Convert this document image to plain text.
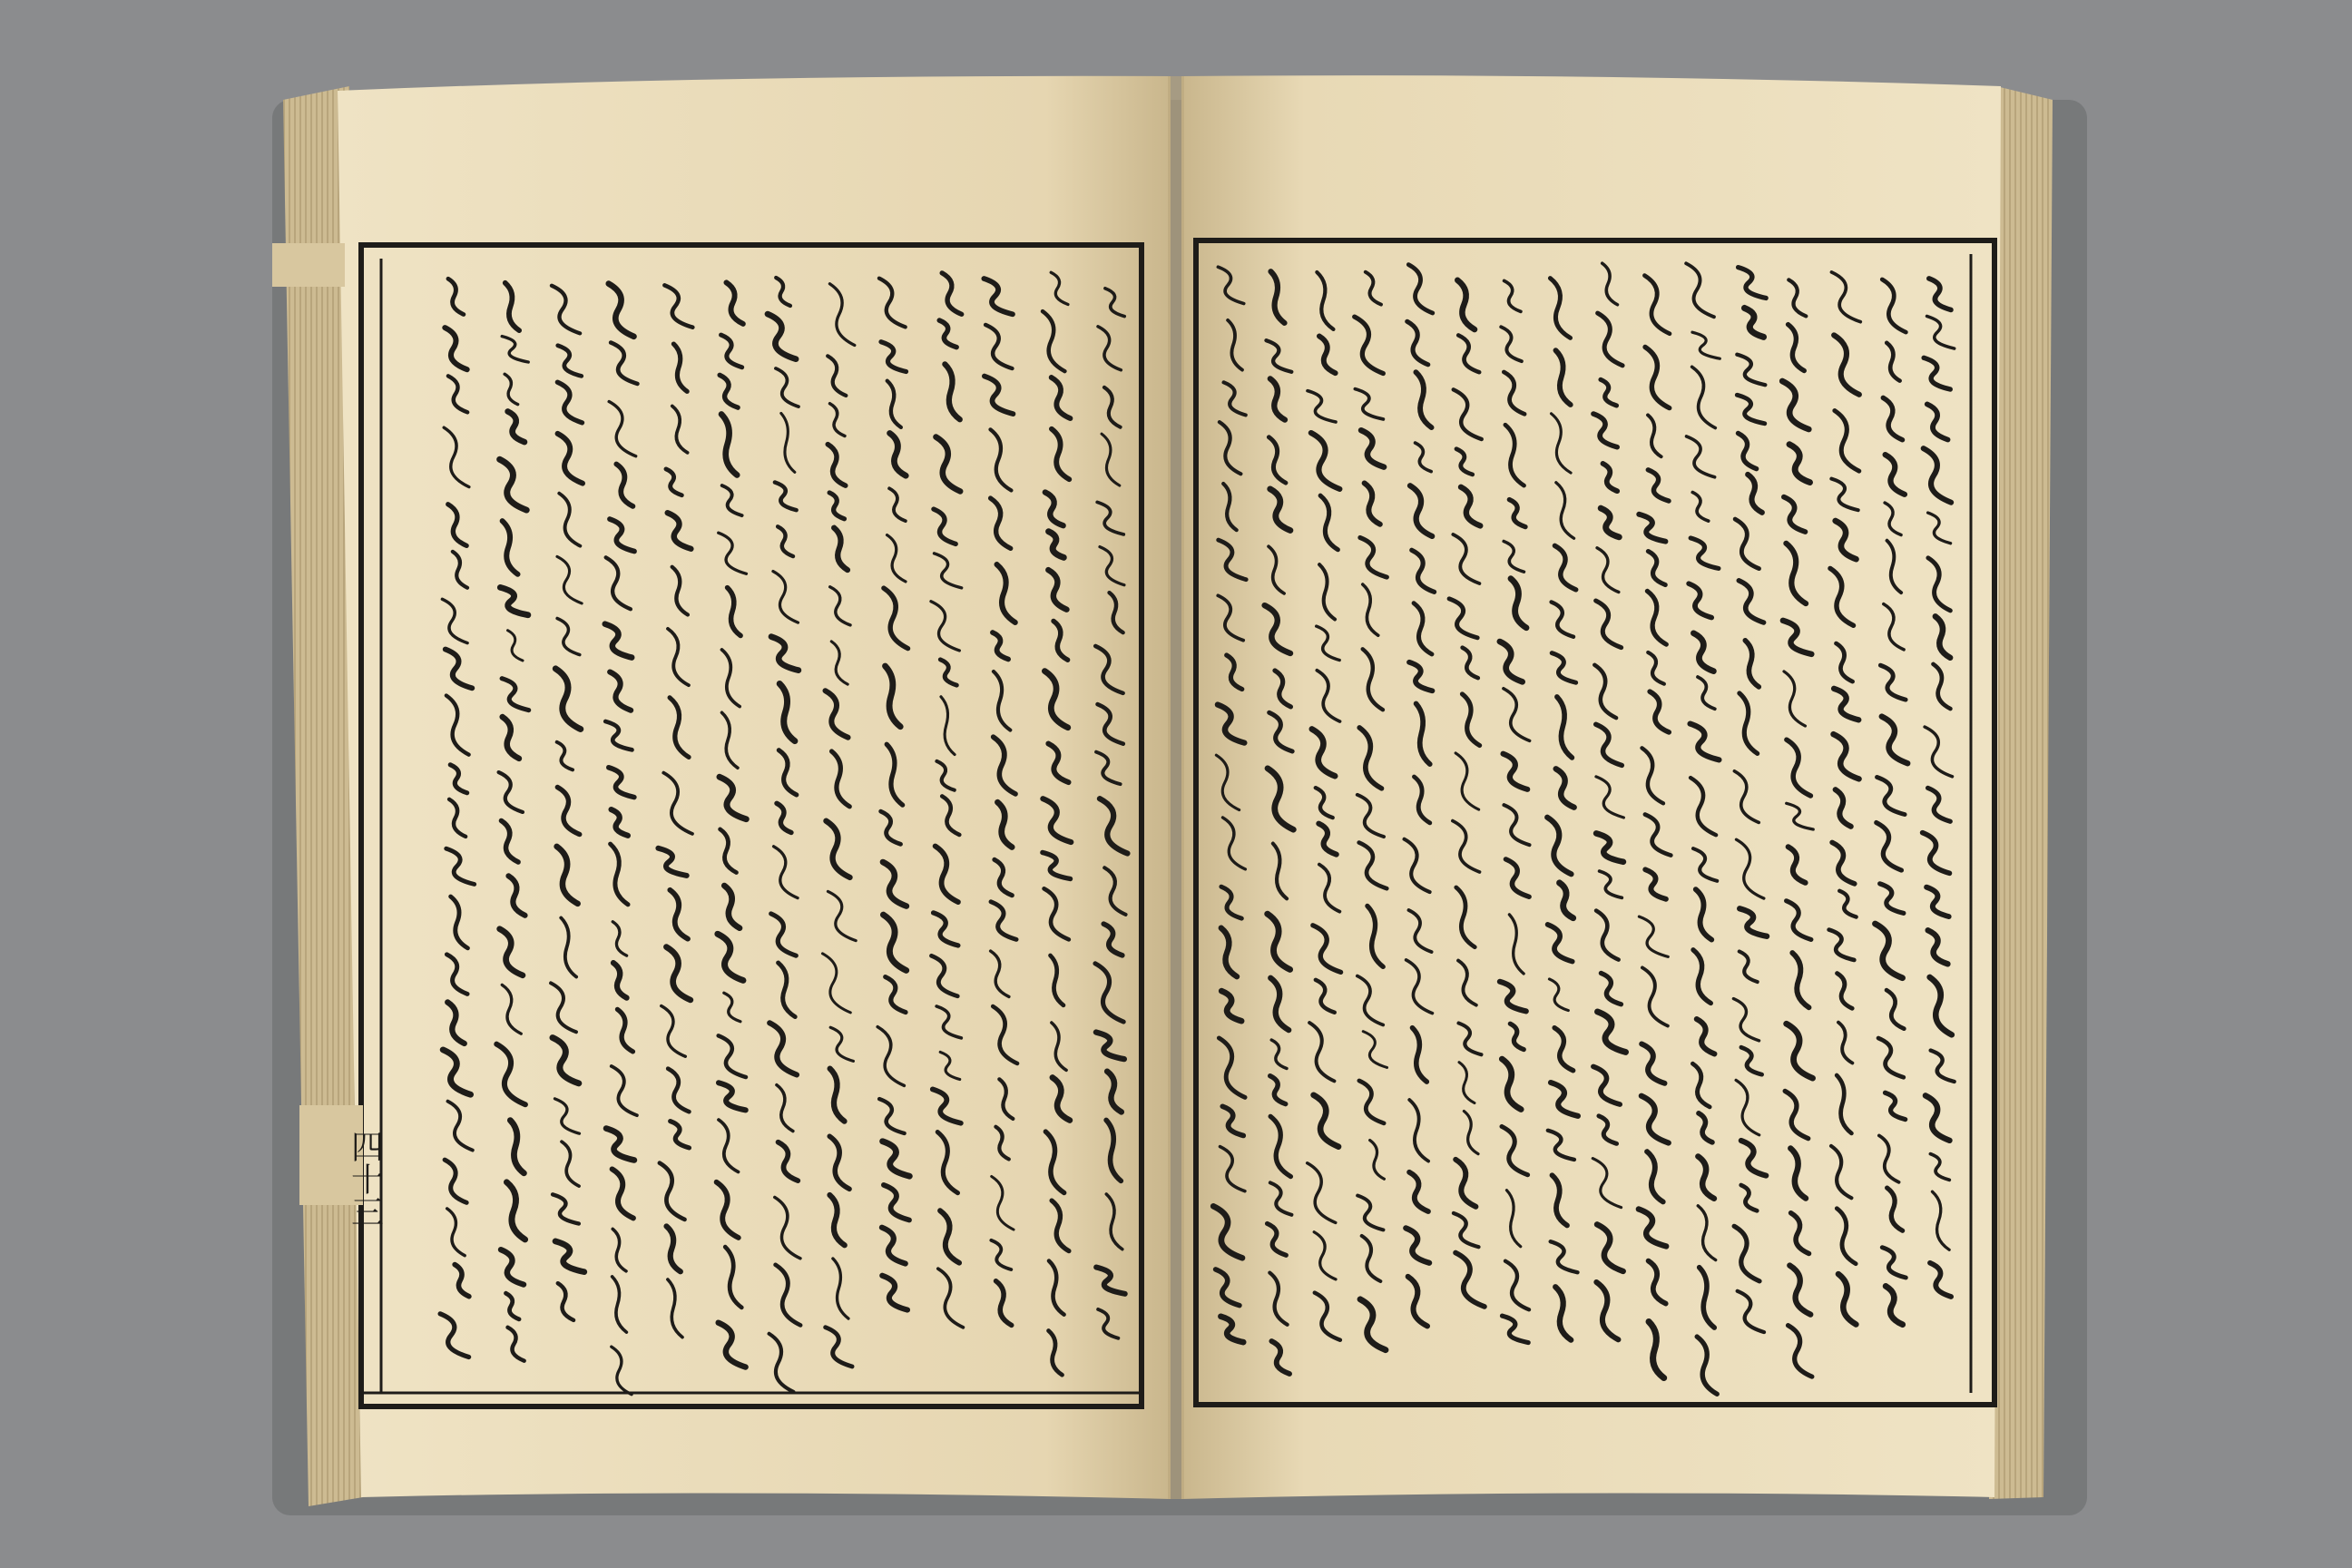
四十三
